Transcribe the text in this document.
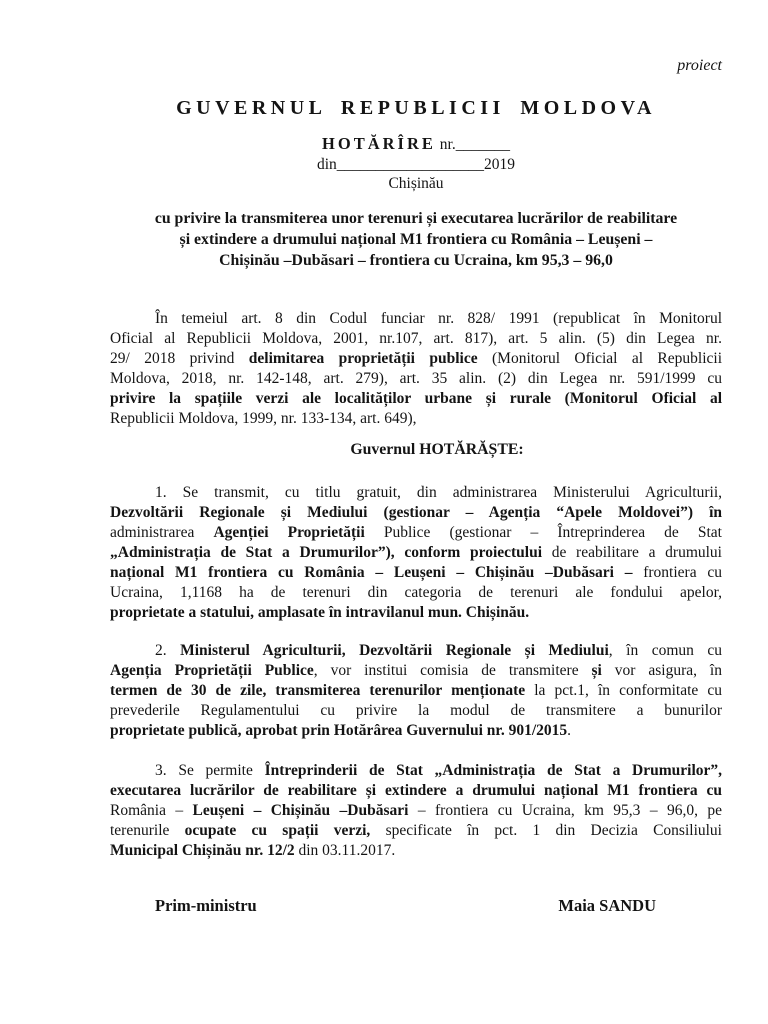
proiect
GUVERNUL REPUBLICII MOLDOVA
HOTĂRÎRE nr._______
din___________________2019
Chișinău
cu privire la transmiterea unor terenuri și executarea lucrărilor de reabilitare
și extindere a drumului național M1 frontiera cu România – Leușeni –
Chișinău –Dubăsari – frontiera cu Ucraina, km 95,3 – 96,0
În temeiul art. 8 din Codul funciar nr. 828/ 1991 (republicat în Monitorul
Oficial al Republicii Moldova, 2001, nr.107, art. 817), art. 5 alin. (5) din Legea nr.
29/ 2018 privind delimitarea proprietății publice (Monitorul Oficial al Republicii
Moldova, 2018, nr. 142-148, art. 279), art. 35 alin. (2) din Legea nr. 591/1999 cu
privire la spațiile verzi ale localităților urbane și rurale (Monitorul Oficial al
Republicii Moldova, 1999, nr. 133-134, art. 649),
Guvernul HOTĂRĂȘTE:
1. Se transmit, cu titlu gratuit, din administrarea Ministerului Agriculturii,
Dezvoltării Regionale și Mediului (gestionar – Agenția “Apele Moldovei”) în
administrarea Agenției Proprietății Publice (gestionar – Întreprinderea de Stat
„Administrația de Stat a Drumurilor”), conform proiectului de reabilitare a drumului
național M1 frontiera cu România – Leușeni – Chișinău –Dubăsari – frontiera cu
Ucraina, 1,1168 ha de terenuri din categoria de terenuri ale fondului apelor,
proprietate a statului, amplasate în intravilanul mun. Chișinău.
2. Ministerul Agriculturii, Dezvoltării Regionale și Mediului, în comun cu
Agenția Proprietății Publice, vor institui comisia de transmitere și vor asigura, în
termen de 30 de zile, transmiterea terenurilor menționate la pct.1, în conformitate cu
prevederile Regulamentului cu privire la modul de transmitere a bunurilor
proprietate publică, aprobat prin Hotărârea Guvernului nr. 901/2015.
3. Se permite Întreprinderii de Stat „Administrația de Stat a Drumurilor”,
executarea lucrărilor de reabilitare și extindere a drumului național M1 frontiera cu
România – Leușeni – Chișinău –Dubăsari – frontiera cu Ucraina, km 95,3 – 96,0, pe
terenurile ocupate cu spații verzi, specificate în pct. 1 din Decizia Consiliului
Municipal Chișinău nr. 12/2 din 03.11.2017.
Prim-ministru	Maia SANDU
